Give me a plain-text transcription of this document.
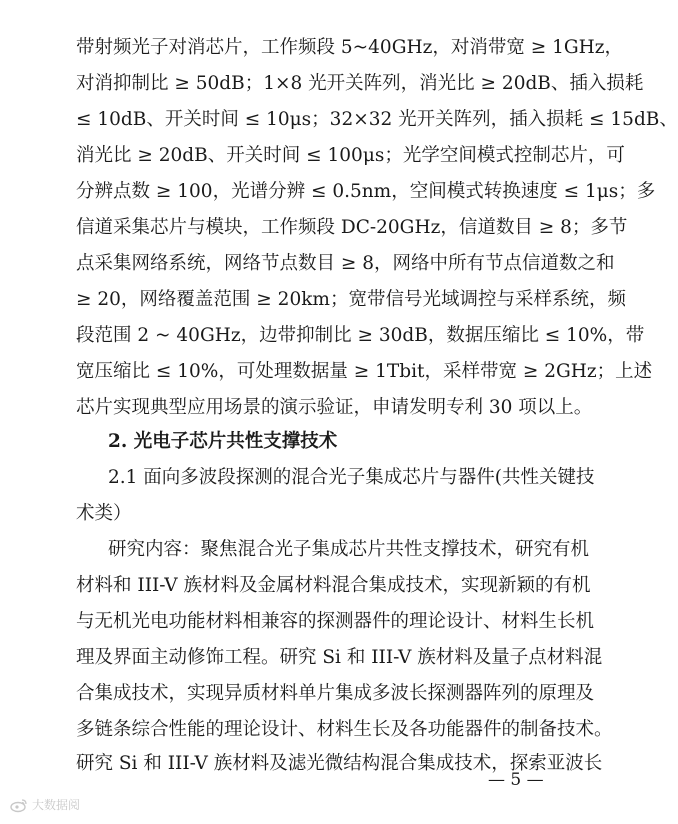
带射频光子对消芯片，工作频段 5~40GHz，对消带宽 ≥ 1GHz，
对消抑制比 ≥ 50dB；1×8 光开关阵列，消光比 ≥ 20dB、插入损耗
≤ 10dB、开关时间 ≤ 10μs；32×32 光开关阵列，插入损耗 ≤ 15dB、
消光比 ≥ 20dB、开关时间 ≤ 100μs；光学空间模式控制芯片，可
分辨点数 ≥ 100，光谱分辨 ≤ 0.5nm，空间模式转换速度 ≤ 1μs；多
信道采集芯片与模块，工作频段 DC-20GHz，信道数目 ≥ 8；多节
点采集网络系统，网络节点数目 ≥ 8，网络中所有节点信道数之和
≥ 20，网络覆盖范围 ≥ 20km；宽带信号光域调控与采样系统，频
段范围 2 ~ 40GHz，边带抑制比 ≥ 30dB，数据压缩比 ≤ 10%，带
宽压缩比 ≤ 10%，可处理数据量 ≥ 1Tbit，采样带宽 ≥ 2GHz；上述
芯片实现典型应用场景的演示验证，申请发明专利 30 项以上。
2. 光电子芯片共性支撑技术
2.1 面向多波段探测的混合光子集成芯片与器件(共性关键技
术类）
研究内容：聚焦混合光子集成芯片共性支撑技术，研究有机
材料和 III-V 族材料及金属材料混合集成技术，实现新颖的有机
与无机光电功能材料相兼容的探测器件的理论设计、材料生长机
理及界面主动修饰工程。研究 Si 和 III-V 族材料及量子点材料混
合集成技术，实现异质材料单片集成多波长探测器阵列的原理及
多链条综合性能的理论设计、材料生长及各功能器件的制备技术。
研究 Si 和 III-V 族材料及滤光微结构混合集成技术，探索亚波长
— 5 —
大数据阅
